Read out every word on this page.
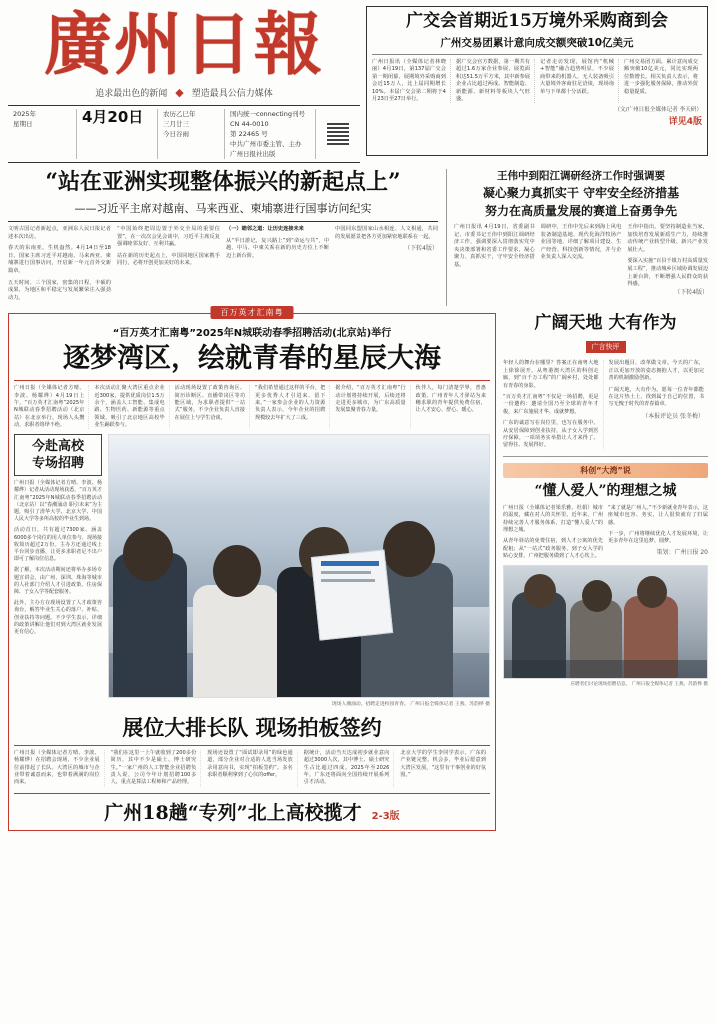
廣州日報
追求最出色的新闻 ◆ 塑造最具公信力媒体
2025年
星期日	4月20日	农历乙巳年
三月廿三
今日谷雨
国内统一connecting刊号 CN 44-0010
第 22465 号
中共广州市委主管、主办
广州日报社出版
广交会首期近15万境外采购商到会
广州交易团累计意向成交额突破10亿美元
广州日报讯（全媒体记者林晓丽）4月19日，第137届广交会第一期闭幕，展期境外采购商到会近15万人，比上届同期增长10%。本届广交会第二期将于4月23日至27日举行。
据广交会官方数据，第一期共有超过1.6万家企业参展，展览面积达51.5万平方米，其中新参展企业占比超过两成。智能制造、新能源、新材料等板块人气旺盛。
记者走访发现，展馆内“机械+智能”融合趋势明显，不少展商带来的机器人、无人装备吸引大量境外客商驻足洽谈，现场询单与下单都十分活跃。
广州交易团方面，累计意向成交额突破10亿美元，同比实现两位数增长。相关负责人表示，将进一步强化服务保障，推动外贸稳量提质。
（文/广州日报全媒体记者 李天研）
详见4版
“站在亚洲实现整体振兴的新起点上”
——习近平主席对越南、马来西亚、柬埔寨进行国事访问纪实

文明古国记者新起点，亚洲东人民日报记者述本次出访。

春天的东南亚，生机盎然。4月14日至18日，国家主席习近平对越南、马来西亚、柬埔寨进行国事访问，开启新一年元首外交新篇章。

五天时间、三个国家，密集的日程、丰硕的成果，为地区和平稳定与发展繁荣注入强劲动力。

“中国始终把周边置于外交全局的重要位置”，在一次次会见会谈中，习近平主席反复强调睦邻友好、互利共赢。

站在新的历史起点上，中国同地区国家携手同行，必将开创更加美好的未来。

（一）睦邻之道：让历史连接未来

从“半日游记，复兴路上”到“命运与共”，中越、中马、中柬关系在新的历史方位上不断迈上新台阶。

中国同东盟国家山水相连、人文相通，共同的发展愿景把各方更加紧密地联系在一起。

（下转4版）
王伟中到阳江调研经济工作时强调要
凝心聚力真抓实干 守牢安全经济措基
努力在高质量发展的赛道上奋勇争先
广州日报讯 4月19日，省委副书记、市委书记王伟中到阳江调研经济工作，强调要深入贯彻落实党中央决策部署和省委工作要求，凝心聚力、真抓实干，守牢安全经济措基。
调研中，王伟中先后来到海上风电装备制造基地、现代化海洋牧场产业园等地，详细了解项目建设、生产经营、科技创新等情况，并与企业负责人深入交流。
王伟中指出，要坚持制造业当家，加快培育发展新质生产力，持续推动传统产业转型升级、新兴产业发展壮大。
要深入实施“百县千镇万村高质量发展工程”，推动城乡区域协调发展迈上新台阶，不断增强人民群众的获得感。
（下转4版）
百万英才汇南粤
“百万英才汇南粤”2025年N城联动春季招聘活动(北京站)举行
逐梦湾区，绘就青春的星辰大海
广州日报（全媒体记者方晴、李波、杨耀烨）4月19日上午，“百万英才汇南粤”2025年N城联动春季招聘活动（北京站）在北京举行。现场人头攒动，求职者络绎不绝。
本次活动汇聚大湾区重点企业近300家，提供优质岗位1.5万余个，涵盖人工智能、集成电路、生物医药、新能源等重点领域，吸引了北京地区高校毕业生踊跃参与。
活动现场设置了政策咨询区、简历诊断区、直播带岗区等功能区域，为求职者提供“一站式”服务。不少企业负责人直接在展位上与学生洽谈。
“我们希望通过这样的平台，把更多优秀人才引进来、留下来。”一家参会企业的人力资源负责人表示，今年企业的招聘规模较去年扩大了三成。
据介绍，“百万英才汇南粤”行动计划将持续开展，后续还将走进更多城市，为广东高质量发展集聚青春力量。
伙伴人，每门清楚学界，普惠政策。广州青年人才驿站为来穗求职的青年提供免费住宿，让人才安心、舒心、暖心。
今赴高校
专场招聘
广州日报（全媒体记者方晴、李波、杨耀烨）记者从活动现场获悉，“百万英才汇南粤”2025年N城联动春季招聘活动（北京站）以“春潮涌动 职引未来”为主题，吸引了清华大学、北京大学、中国人民大学等多所高校的毕业生到场。
活动首日，共有超过7300家、涵盖6000多个岗位的用人单位参与，现场接收简历超过2万份。主办方还通过线上平台同步直播，让更多求职者足不出户即可了解岗位信息。
据了解，本次活动期间还将举办多场专题宣讲会，由广州、深圳、珠海等城市的人社部门介绍人才引进政策、住房保障、子女入学等配套服务。
此外，主办方在现场设置了人才政策咨询台，解答毕业生关心的落户、补贴、创业扶持等问题。不少学生表示，详细的政策讲解让他们对到大湾区就业发展更有信心。
现场人潮涌动。招聘走进校园青春。 广州日报全媒体记者 王燕、苏韵桦 摄
展位大排长队 现场拍板签约
广州日报（全媒体记者方晴、李波、杨耀烨）在招聘会现场，不少企业展位前排起了长队。大湾区的城市与企业带着诚意而来，也带着满满的岗位而来。
“我们在这里一上午就收到了200多份简历，其中不少是硕士、博士研究生。”一家广州的人工智能企业招聘负责人说，公司今年计划招聘100多人，重点是算法工程师和产品经理。
现场还设置了“面试即录用”的绿色通道，部分企业对合适的人选当场发放录用意向书，实现“拍板签约”。多名求职者顺利拿到了心仪的offer。
据统计，活动当天达成初步就业意向超过3000人次，其中博士、硕士研究生占比超过四成。2025年至2026年，广东还将面向全国持续开展系列引才活动。
北京大学的学生李同学表示，广东的产业链完整、机会多，毕业后愿意到大湾区发展，“这里有干事创业的好氛围。”
广州18趟“专列”北上高校揽才 2-3版
广阔天地 大有作为
广言快评
年轻人的舞台在哪里？答案正在南粤大地上徐徐展开。从粤港澳大湾区的科创走廊，到“百千万工程”的广阔乡村，处处都有青春的身影。
“百万英才汇南粤”不仅是一场招聘，更是一份邀约：邀请全国乃至全球的青年才俊，来广东施展才华、成就梦想。
广东的诚意写在岗位里，也写在服务中。从安居保障到创业扶持，从子女入学到医疗保障，一项项务实举措让人才来得了、留得住、发展得好。
发展出题目，改革做文章。今天的广东，正以更加开放的姿态拥抱人才，以更加完善的机制激励创新。
广阔天地，大有作为。愿每一位青年都能在这片热土上，找到属于自己的位置，书写无愧于时代的青春篇章。
（本报评论员 张冬梅）
科创“大湾”说
“懂人爱人”的理想之城
广州日报（全媒体记者梁乐雅、杜娟）城市的温度，藏在对人的关怀里。近年来，广州持续完善人才服务体系，打造“懂人爱人”的理想之城。
从青年驿站的免费住宿，到人才公寓的优先配租；从“一站式”政务服务，到子女入学的贴心安排，广州把服务做到了人才心坎上。
“来了就是广州人。”不少新就业青年表示，这座城市包容、务实，让人很快就有了归属感。
下一步，广州将继续优化人才发展环境，让更多青年在这里追梦、圆梦。
策划：广州日报 20
应聘者们讨论现场招聘信息。 广州日报全媒体记者 王燕、苏韵桦 摄
